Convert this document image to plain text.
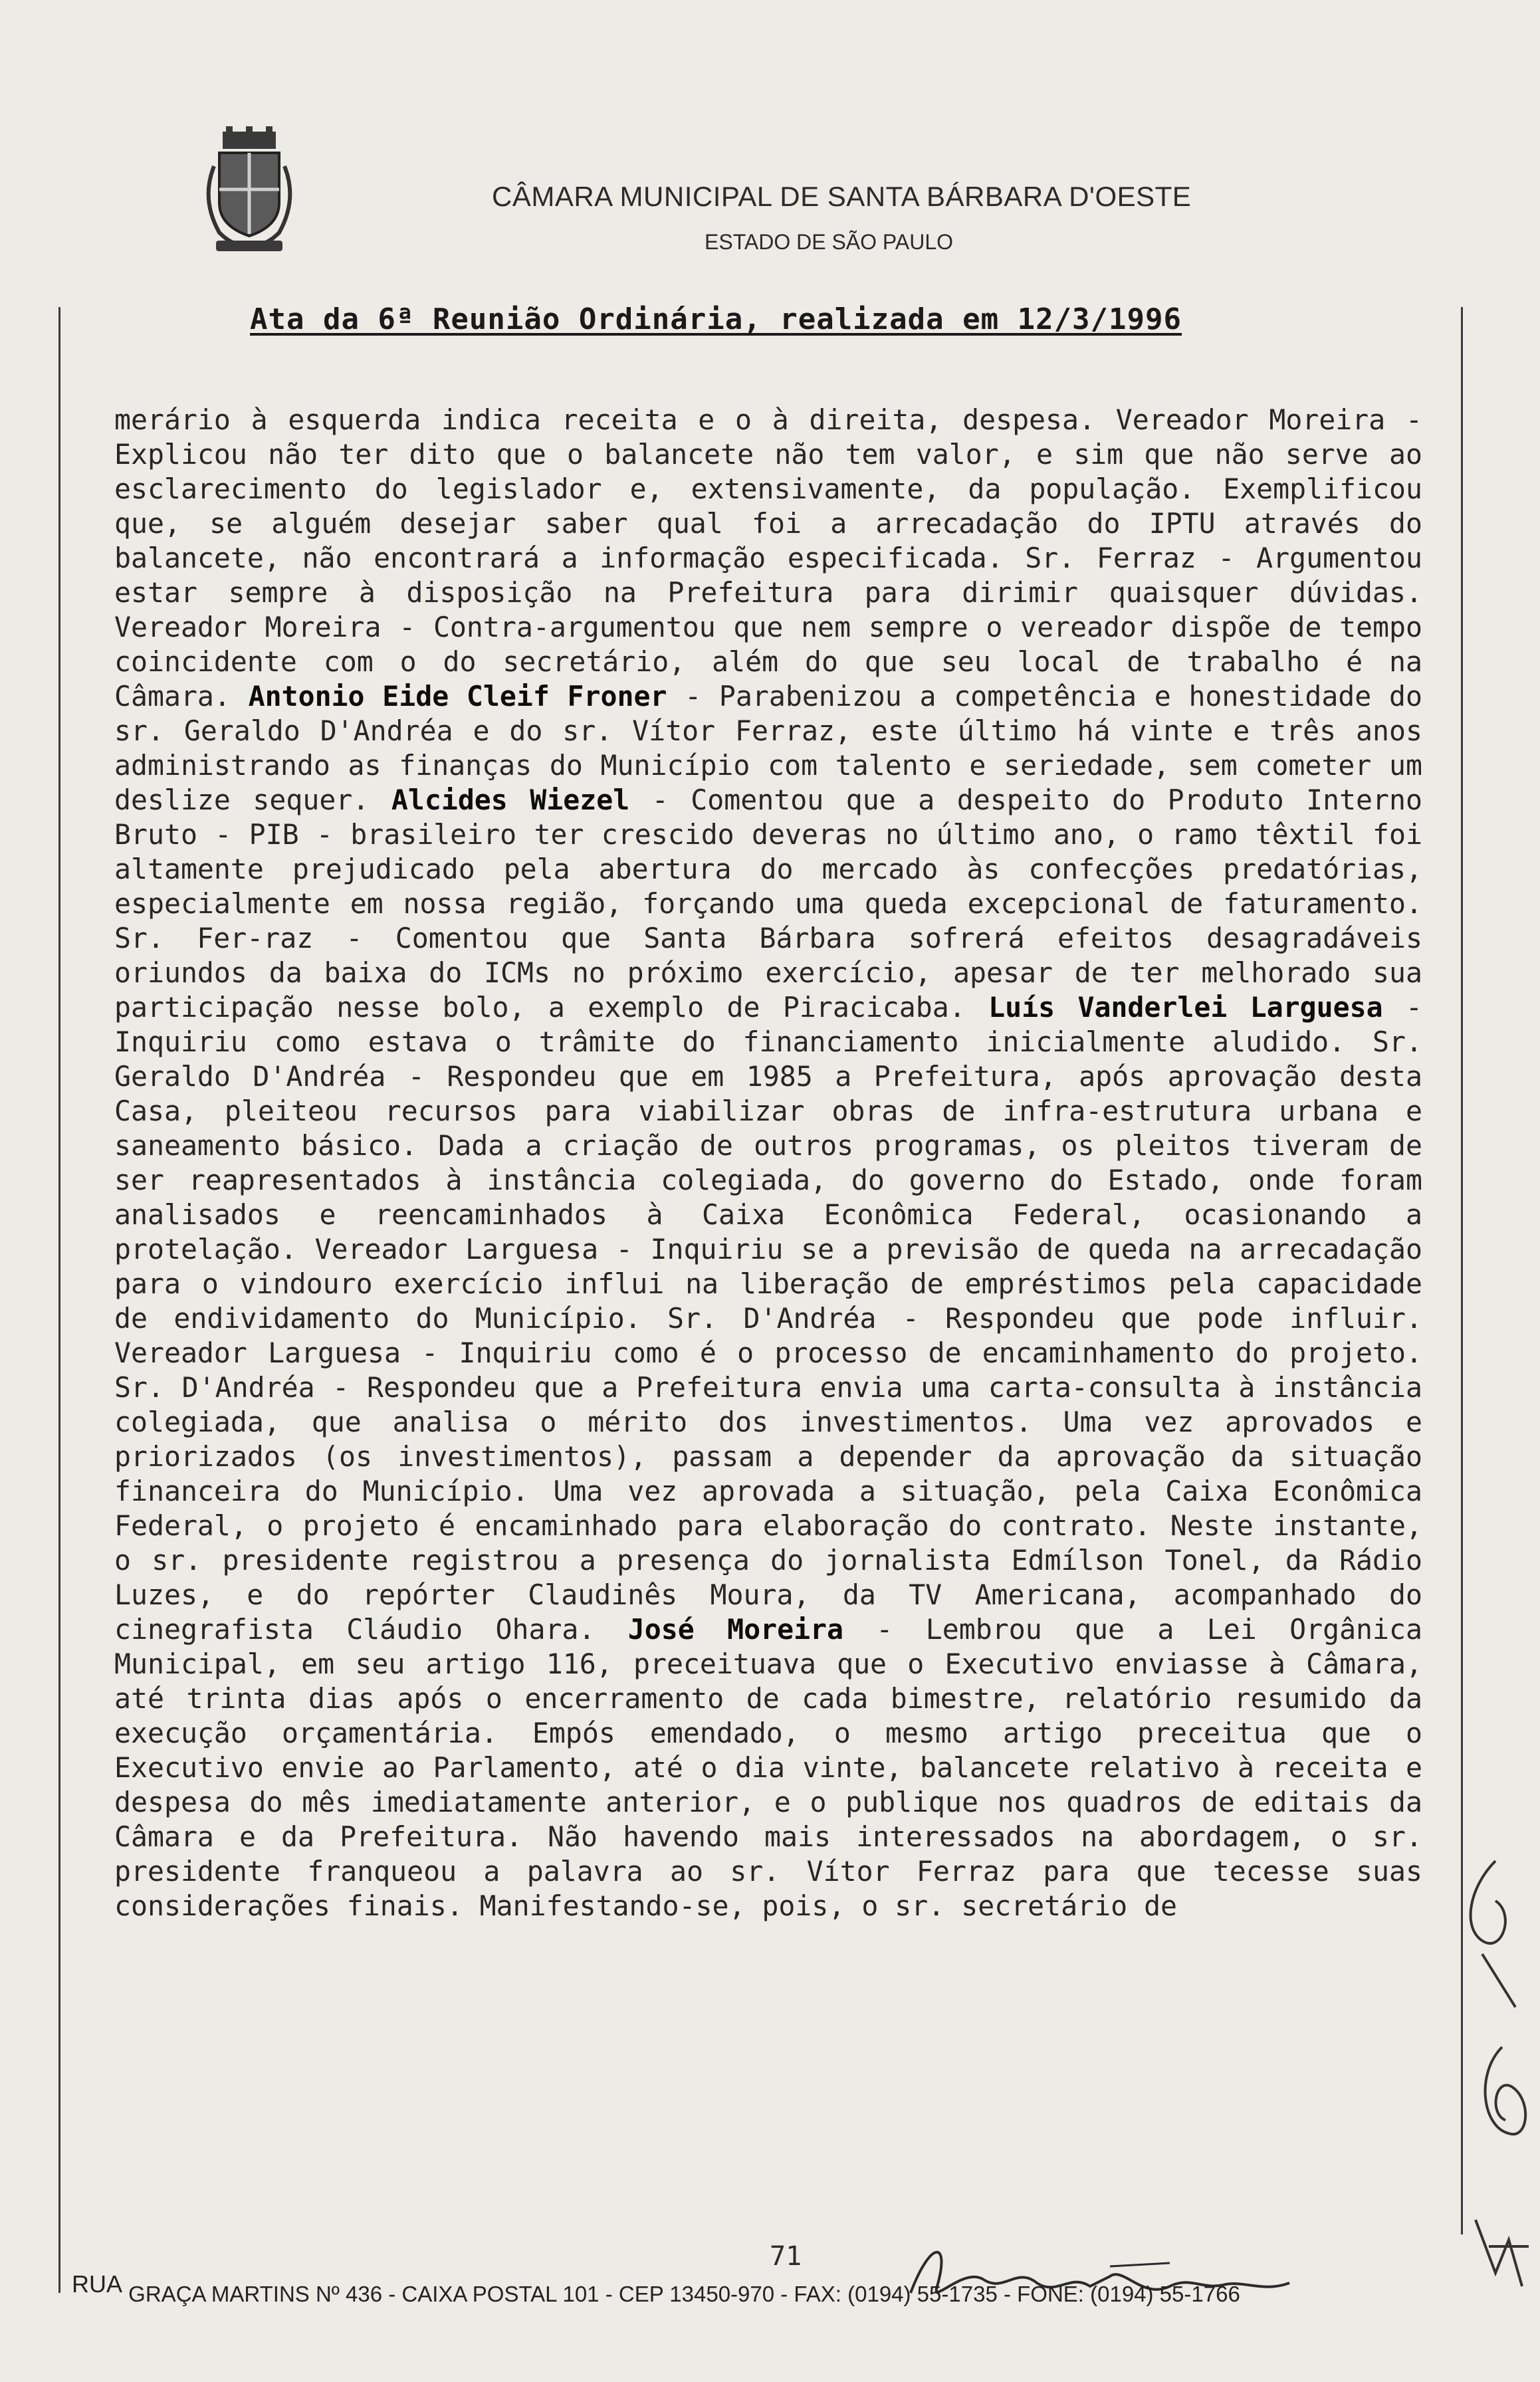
CÂMARA MUNICIPAL DE SANTA BÁRBARA D'OESTE
ESTADO DE SÃO PAULO
Ata da 6ª Reunião Ordinária, realizada em 12/3/1996

merário à esquerda indica receita e o à direita, despesa. Vereador Moreira - Explicou não ter dito que o balancete não tem valor, e sim que não serve ao esclarecimento do legislador e, extensivamente, da população. Exemplificou que, se alguém desejar saber qual foi a arrecadação do IPTU através do balancete, não encontrará a informação especificada. Sr. Ferraz - Argumentou estar sempre à disposição na Prefeitura para dirimir quaisquer dúvidas. Vereador Moreira - Contra-argumentou que nem sempre o vereador dispõe de tempo coincidente com o do secretário, além do que seu local de trabalho é na Câmara. Antonio Eide Cleif Froner - Parabenizou a competência e honestidade do sr. Geraldo D'Andréa e do sr. Vítor Ferraz, este último há vinte e três anos administrando as finanças do Município com talento e seriedade, sem cometer um deslize sequer. Alcides Wiezel - Comentou que a despeito do Produto Interno Bruto - PIB - brasileiro ter crescido deveras no último ano, o ramo têxtil foi altamente prejudicado pela abertura do mercado às confecções predatórias, especialmente em nossa região, forçando uma queda excepcional de faturamento. Sr. Fer-raz - Comentou que Santa Bárbara sofrerá efeitos desagradáveis oriundos da baixa do ICMs no próximo exercício, apesar de ter melhorado sua participação nesse bolo, a exemplo de Piracicaba. Luís Vanderlei Larguesa - Inquiriu como estava o trâmite do financiamento inicialmente aludido. Sr. Geraldo D'Andréa - Respondeu que em 1985 a Prefeitura, após aprovação desta Casa, pleiteou recursos para viabilizar obras de infra-estrutura urbana e saneamento básico. Dada a criação de outros programas, os pleitos tiveram de ser reapresentados à instância colegiada, do governo do Estado, onde foram analisados e reencaminhados à Caixa Econômica Federal, ocasionando a protelação. Vereador Larguesa - Inquiriu se a previsão de queda na arrecadação para o vindouro exercício influi na liberação de empréstimos pela capacidade de endividamento do Município. Sr. D'Andréa - Respondeu que pode influir. Vereador Larguesa - Inquiriu como é o processo de encaminhamento do projeto. Sr. D'Andréa - Respondeu que a Prefeitura envia uma carta-consulta à instância colegiada, que analisa o mérito dos investimentos. Uma vez aprovados e priorizados (os investimentos), passam a depender da aprovação da situação financeira do Município. Uma vez aprovada a situação, pela Caixa Econômica Federal, o projeto é encaminhado para elaboração do contrato. Neste instante, o sr. presidente registrou a presença do jornalista Edmílson Tonel, da Rádio Luzes, e do repórter Claudinês Moura, da TV Americana, acompanhado do cinegrafista Cláudio Ohara. José Moreira - Lembrou que a Lei Orgânica Municipal, em seu artigo 116, preceituava que o Executivo enviasse à Câmara, até trinta dias após o encerramento de cada bimestre, relatório resumido da execução orçamentária. Empós emendado, o mesmo artigo preceitua que o Executivo envie ao Parlamento, até o dia vinte, balancete relativo à receita e despesa do mês imediatamente anterior, e o publique nos quadros de editais da Câmara e da Prefeitura. Não havendo mais interessados na abordagem, o sr. presidente franqueou a palavra ao sr. Vítor Ferraz para que tecesse suas considerações finais. Manifestando-se, pois, o sr. secretário de

71
RUA GRAÇA MARTINS Nº 436 - CAIXA POSTAL 101 - CEP 13450-970 - FAX: (0194) 55-1735 - FONE: (0194) 55-1766
